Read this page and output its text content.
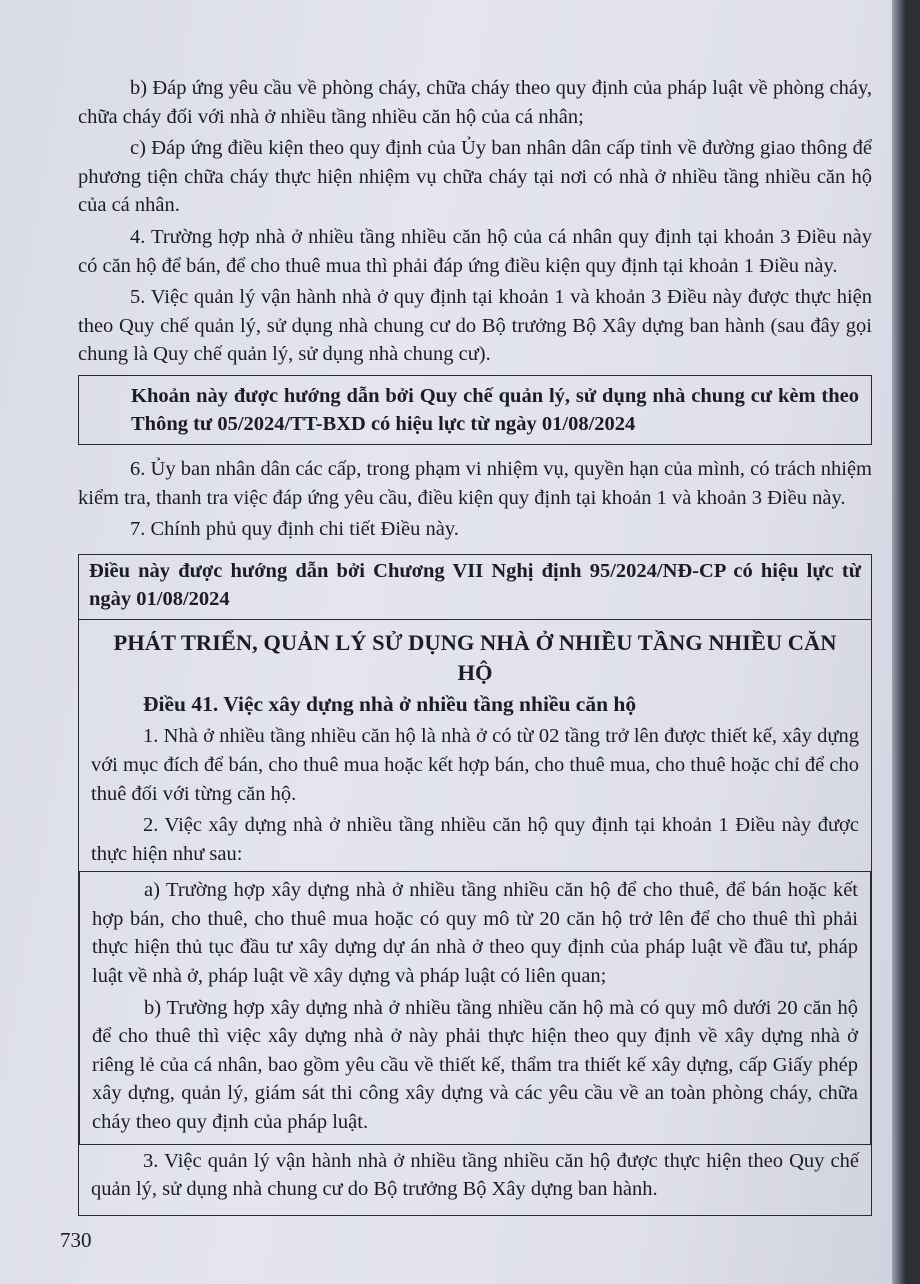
b) Đáp ứng yêu cầu về phòng cháy, chữa cháy theo quy định của pháp luật về phòng cháy, chữa cháy đối với nhà ở nhiều tầng nhiều căn hộ của cá nhân;

c) Đáp ứng điều kiện theo quy định của Ủy ban nhân dân cấp tỉnh về đường giao thông để phương tiện chữa cháy thực hiện nhiệm vụ chữa cháy tại nơi có nhà ở nhiều tầng nhiều căn hộ của cá nhân.

4. Trường hợp nhà ở nhiều tầng nhiều căn hộ của cá nhân quy định tại khoản 3 Điều này có căn hộ để bán, để cho thuê mua thì phải đáp ứng điều kiện quy định tại khoản 1 Điều này.

5. Việc quản lý vận hành nhà ở quy định tại khoản 1 và khoản 3 Điều này được thực hiện theo Quy chế quản lý, sử dụng nhà chung cư do Bộ trưởng Bộ Xây dựng ban hành (sau đây gọi chung là Quy chế quản lý, sử dụng nhà chung cư).

Khoản này được hướng dẫn bởi Quy chế quản lý, sử dụng nhà chung cư kèm theo Thông tư 05/2024/TT-BXD có hiệu lực từ ngày 01/08/2024

6. Ủy ban nhân dân các cấp, trong phạm vi nhiệm vụ, quyền hạn của mình, có trách nhiệm kiểm tra, thanh tra việc đáp ứng yêu cầu, điều kiện quy định tại khoản 1 và khoản 3 Điều này.

7. Chính phủ quy định chi tiết Điều này.

Điều này được hướng dẫn bởi Chương VII Nghị định 95/2024/NĐ-CP có hiệu lực từ ngày 01/08/2024

PHÁT TRIỂN, QUẢN LÝ SỬ DỤNG NHÀ Ở NHIỀU TẦNG NHIỀU CĂN HỘ

Điều 41. Việc xây dựng nhà ở nhiều tầng nhiều căn hộ

1. Nhà ở nhiều tầng nhiều căn hộ là nhà ở có từ 02 tầng trở lên được thiết kế, xây dựng với mục đích để bán, cho thuê mua hoặc kết hợp bán, cho thuê mua, cho thuê hoặc chỉ để cho thuê đối với từng căn hộ.

2. Việc xây dựng nhà ở nhiều tầng nhiều căn hộ quy định tại khoản 1 Điều này được thực hiện như sau:

a) Trường hợp xây dựng nhà ở nhiều tầng nhiều căn hộ để cho thuê, để bán hoặc kết hợp bán, cho thuê, cho thuê mua hoặc có quy mô từ 20 căn hộ trở lên để cho thuê thì phải thực hiện thủ tục đầu tư xây dựng dự án nhà ở theo quy định của pháp luật về đầu tư, pháp luật về nhà ở, pháp luật về xây dựng và pháp luật có liên quan;

b) Trường hợp xây dựng nhà ở nhiều tầng nhiều căn hộ mà có quy mô dưới 20 căn hộ để cho thuê thì việc xây dựng nhà ở này phải thực hiện theo quy định về xây dựng nhà ở riêng lẻ của cá nhân, bao gồm yêu cầu về thiết kế, thẩm tra thiết kế xây dựng, cấp Giấy phép xây dựng, quản lý, giám sát thi công xây dựng và các yêu cầu về an toàn phòng cháy, chữa cháy theo quy định của pháp luật.

3. Việc quản lý vận hành nhà ở nhiều tầng nhiều căn hộ được thực hiện theo Quy chế quản lý, sử dụng nhà chung cư do Bộ trưởng Bộ Xây dựng ban hành.

730
